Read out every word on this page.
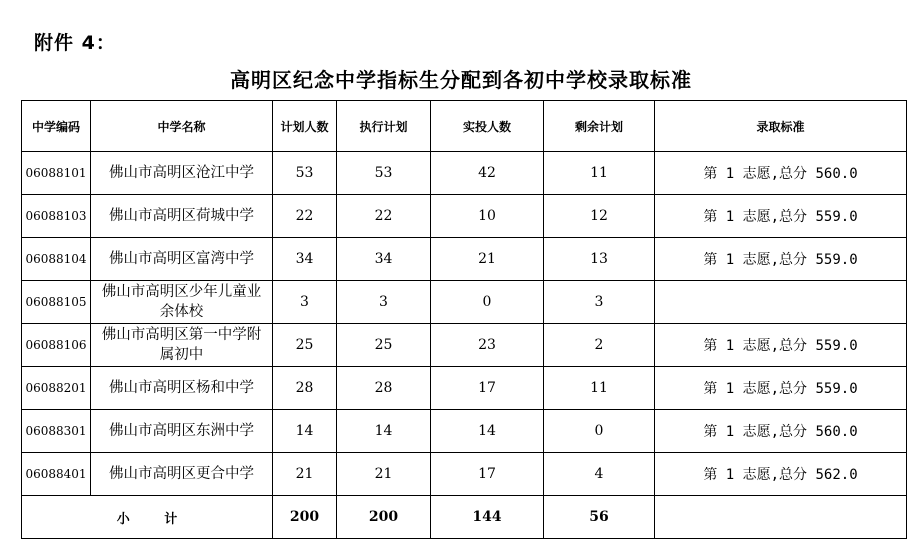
附件 4：
高明区纪念中学指标生分配到各初中学校录取标准
中学编码	中学名称	计划人数	执行计划	实投人数	剩余计划	录取标准
06088101	佛山市高明区沧江中学	53	53	42	11	第 1 志愿,总分 560.0
06088103	佛山市高明区荷城中学	22	22	10	12	第 1 志愿,总分 559.0
06088104	佛山市高明区富湾中学	34	34	21	13	第 1 志愿,总分 559.0
06088105	佛山市高明区少年儿童业余体校	3	3	0	3	
06088106	佛山市高明区第一中学附属初中	25	25	23	2	第 1 志愿,总分 559.0
06088201	佛山市高明区杨和中学	28	28	17	11	第 1 志愿,总分 559.0
06088301	佛山市高明区东洲中学	14	14	14	0	第 1 志愿,总分 560.0
06088401	佛山市高明区更合中学	21	21	17	4	第 1 志愿,总分 562.0
小 计		200	200	144	56	
